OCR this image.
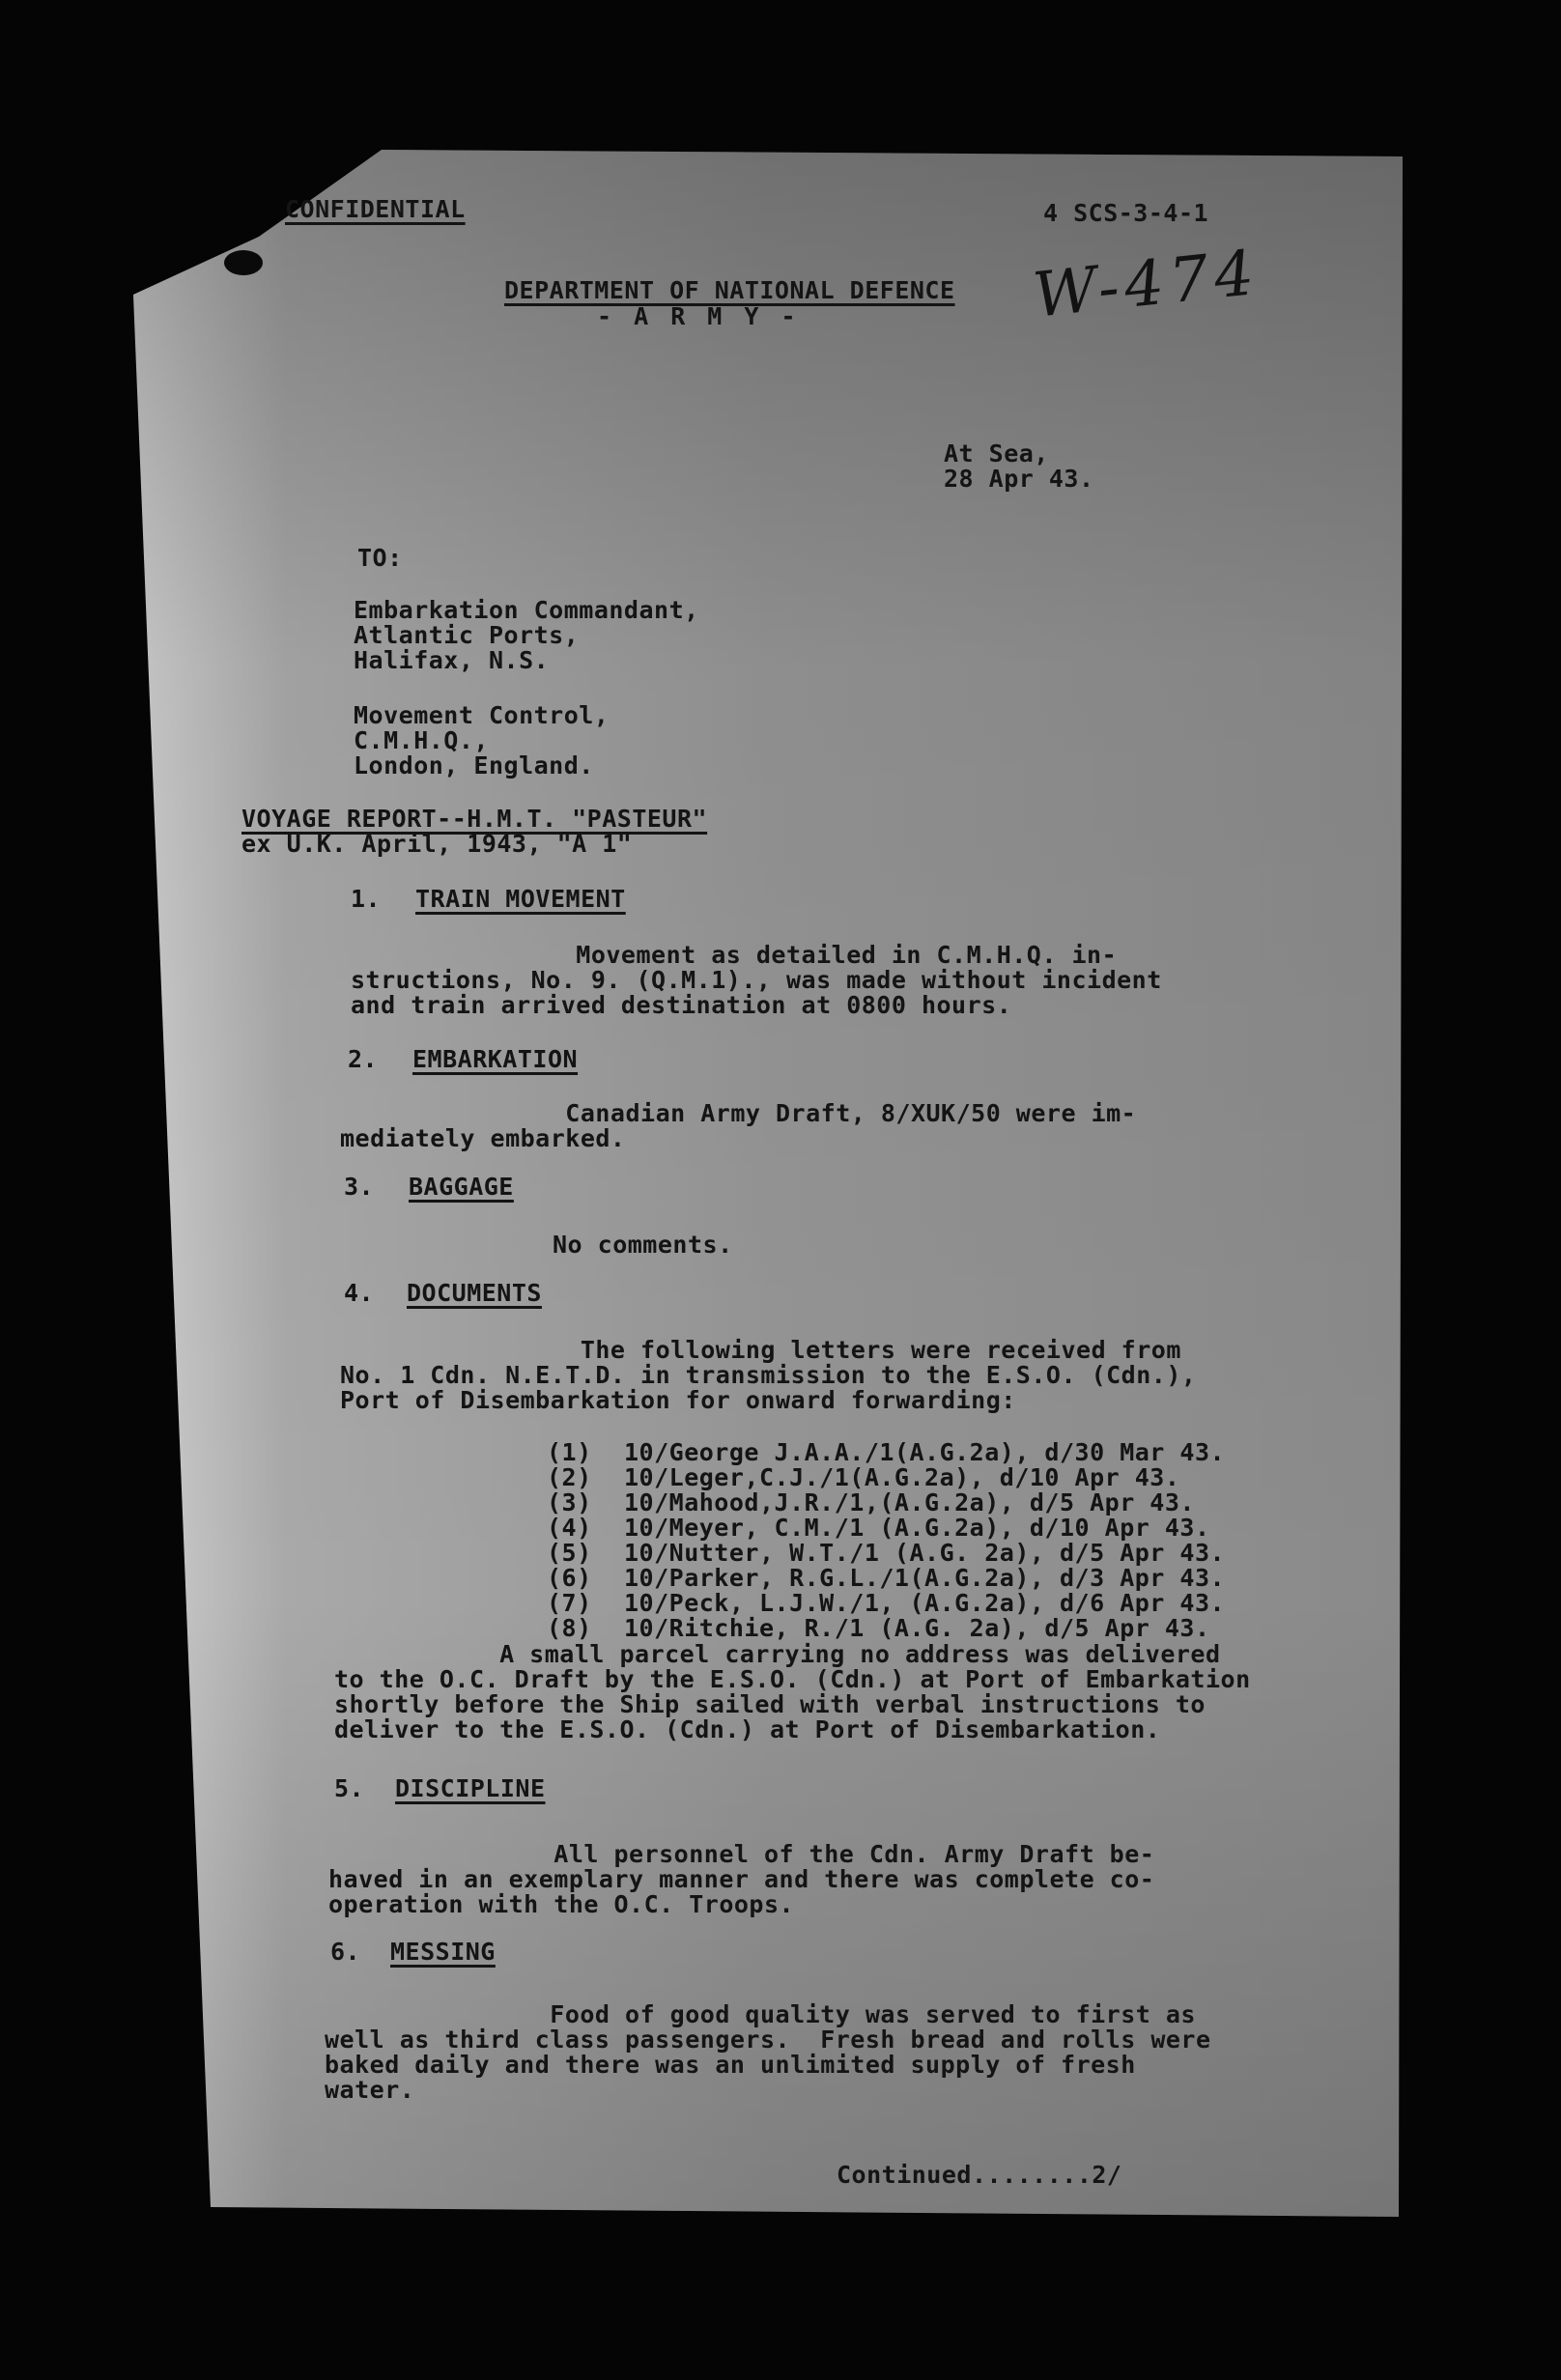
CONFIDENTIAL	4 SCS-3-4-1
DEPARTMENT OF NATIONAL DEFENCE
- A R M Y -	W-474
At Sea,
28 Apr 43.
TO:
Embarkation Commandant,
Atlantic Ports,
Halifax, N.S.
Movement Control,
C.M.H.Q.,
London, England.
VOYAGE REPORT--H.M.T. "PASTEUR"
ex U.K. April, 1943, "A 1"
1. TRAIN MOVEMENT
Movement as detailed in C.M.H.Q. in-
structions, No. 9. (Q.M.1)., was made without incident
and train arrived destination at 0800 hours.
2. EMBARKATION
Canadian Army Draft, 8/XUK/50 were im-
mediately embarked.
3. BAGGAGE
No comments.
4. DOCUMENTS
The following letters were received from
No. 1 Cdn. N.E.T.D. in transmission to the E.S.O. (Cdn.),
Port of Disembarkation for onward forwarding:
(1)	10/George J.A.A./1(A.G.2a), d/30 Mar 43.
(2)	10/Leger,C.J./1(A.G.2a), d/10 Apr 43.
(3)	10/Mahood,J.R./1,(A.G.2a), d/5 Apr 43.
(4)	10/Meyer, C.M./1 (A.G.2a), d/10 Apr 43.
(5)	10/Nutter, W.T./1 (A.G. 2a), d/5 Apr 43.
(6)	10/Parker, R.G.L./1(A.G.2a), d/3 Apr 43.
(7)	10/Peck, L.J.W./1, (A.G.2a), d/6 Apr 43.
(8)	10/Ritchie, R./1 (A.G. 2a), d/5 Apr 43.
A small parcel carrying no address was delivered
to the O.C. Draft by the E.S.O. (Cdn.) at Port of Embarkation
shortly before the Ship sailed with verbal instructions to
deliver to the E.S.O. (Cdn.) at Port of Disembarkation.
5. DISCIPLINE
All personnel of the Cdn. Army Draft be-
haved in an exemplary manner and there was complete co-
operation with the O.C. Troops.
6. MESSING
Food of good quality was served to first as
well as third class passengers.  Fresh bread and rolls were
baked daily and there was an unlimited supply of fresh
water.
Continued........2/
